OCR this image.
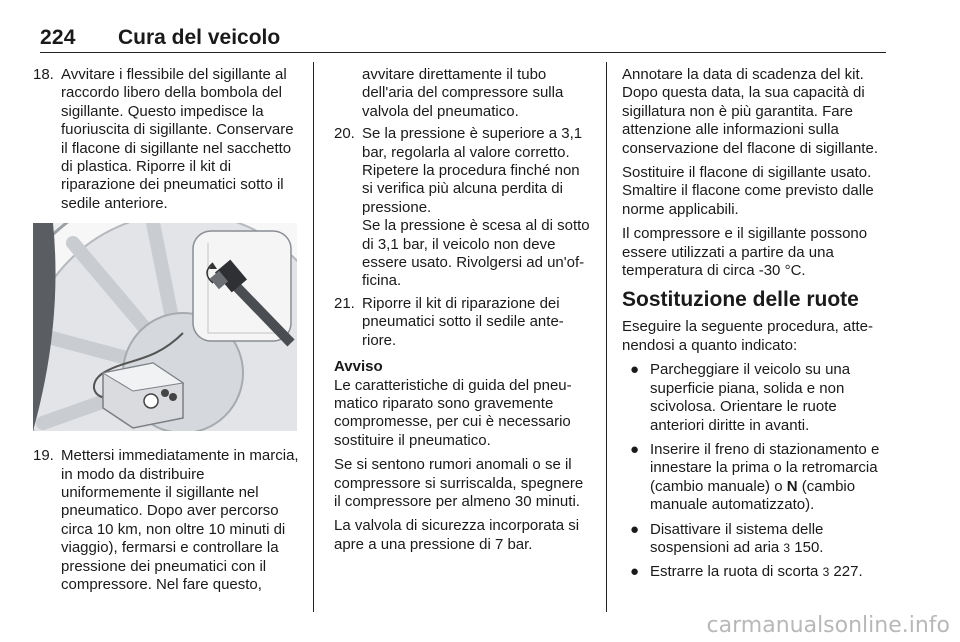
224 Cura del veicolo
18. Avvitare i flessibile del sigillante al raccordo libero della bombola del sigillante. Questo impedisce la fuoriuscita di sigillante. Conservare il flacone di sigillante nel sacchetto di plastica. Riporre il kit di riparazione dei pneumatici sotto il sedile anteriore.
19. Mettersi immediatamente in marcia, in modo da distribuire uniformemente il sigillante nel pneumatico. Dopo aver percorso circa 10 km, non oltre 10 minuti di viaggio), fermarsi e controllare la pressione dei pneumatici con il compressore. Nel fare questo,

avvitare direttamente il tubo dell'aria del compressore sulla valvola del pneumatico.

20. Se la pressione è superiore a 3,1 bar, regolarla al valore corretto. Ripetere la procedura finché non si verifica più alcuna perdita di pressione.

Se la pressione è scesa al di sotto di 3,1 bar, il veicolo non deve essere usato. Rivolgersi ad un'officina.

21. Riporre il kit di riparazione dei pneumatici sotto il sedile anteriore.
Avviso

Le caratteristiche di guida del pneumatico riparato sono gravemente compromesse, per cui è necessario sostituire il pneumatico.

Se si sentono rumori anomali o se il compressore si surriscalda, spegnere il compressore per almeno 30 minuti.

La valvola di sicurezza incorporata si apre a una pressione di 7 bar.

Annotare la data di scadenza del kit. Dopo questa data, la sua capacità di sigillatura non è più garantita. Fare attenzione alle informazioni sulla conservazione del flacone di sigillante.

Sostituire il flacone di sigillante usato. Smaltire il flacone come previsto dalle norme applicabili.

Il compressore e il sigillante possono essere utilizzati a partire da una temperatura di circa -30 °C.

Sostituzione delle ruote

Eseguire la seguente procedura, attenendosi a quanto indicato:

● Parcheggiare il veicolo su una superficie piana, solida e non scivolosa. Orientare le ruote anteriori diritte in avanti.
● Inserire il freno di stazionamento e innestare la prima o la retromarcia (cambio manuale) o N (cambio manuale automatizzato).
● Disattivare il sistema delle sospensioni ad aria 3 150.
● Estrarre la ruota di scorta 3 227.
carmanualsonline.info
